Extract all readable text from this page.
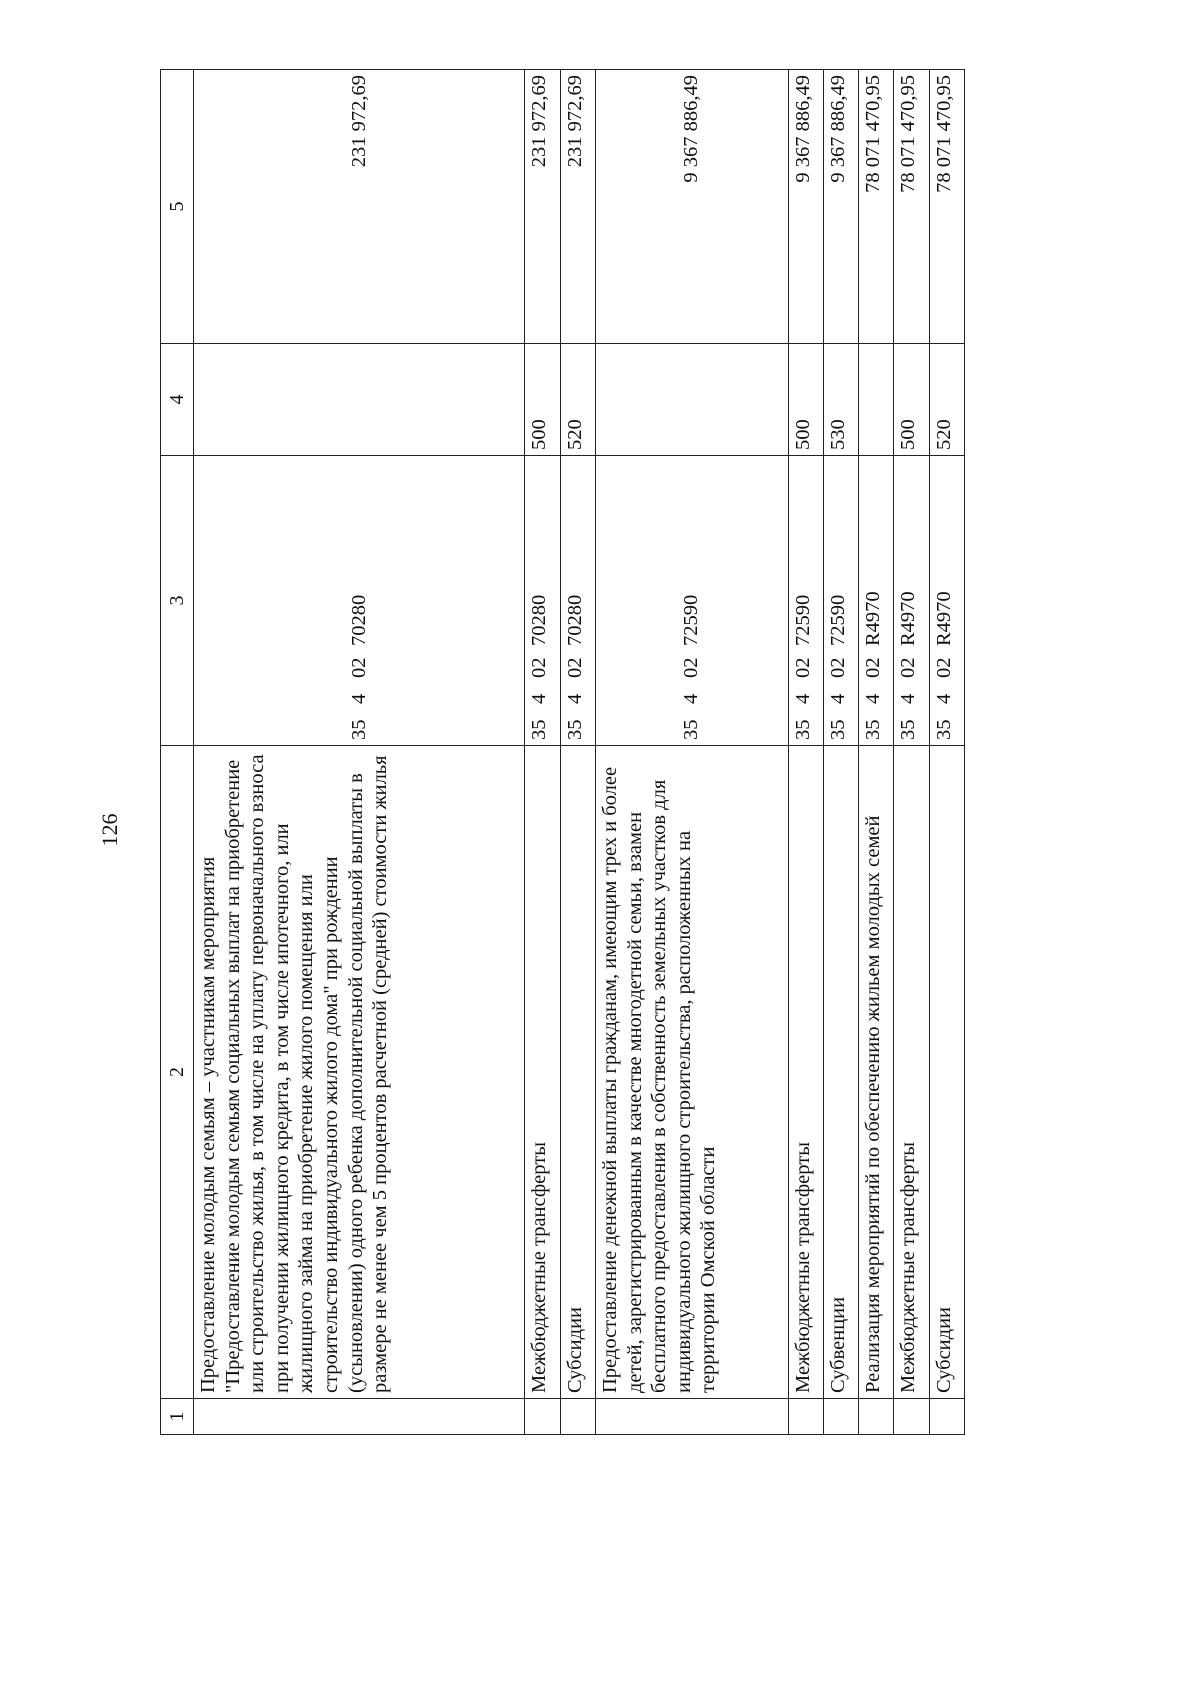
126
1	2	3	4	5
	Предоставление молодым семьям – участникам мероприятия "Предоставление молодым семьям социальных выплат на приобретение или строительство жилья, в том числе на уплату первоначального взноса при получении жилищного кредита, в том числе ипотечного, или жилищного займа на приобретение жилого помещения или строительство индивидуального жилого дома" при рождении (усыновлении) одного ребенка дополнительной социальной выплаты в размере не менее чем 5 процентов расчетной (средней) стоимости жилья	3540270280		231 972,69
	Межбюджетные трансферты	3540270280	500	231 972,69
	Субсидии	3540270280	520	231 972,69
	Предоставление денежной выплаты гражданам, имеющим трех и более детей, зарегистрированным в качестве многодетной семьи, взамен бесплатного предоставления в собственность земельных участков для индивидуального жилищного строительства, расположенных на территории Омской области	3540272590		9 367 886,49
	Межбюджетные трансферты	3540272590	500	9 367 886,49
	Субвенции	3540272590	530	9 367 886,49
	Реализация мероприятий по обеспечению жильем молодых семей	35402R4970		78 071 470,95
	Межбюджетные трансферты	35402R4970	500	78 071 470,95
	Субсидии	35402R4970	520	78 071 470,95
